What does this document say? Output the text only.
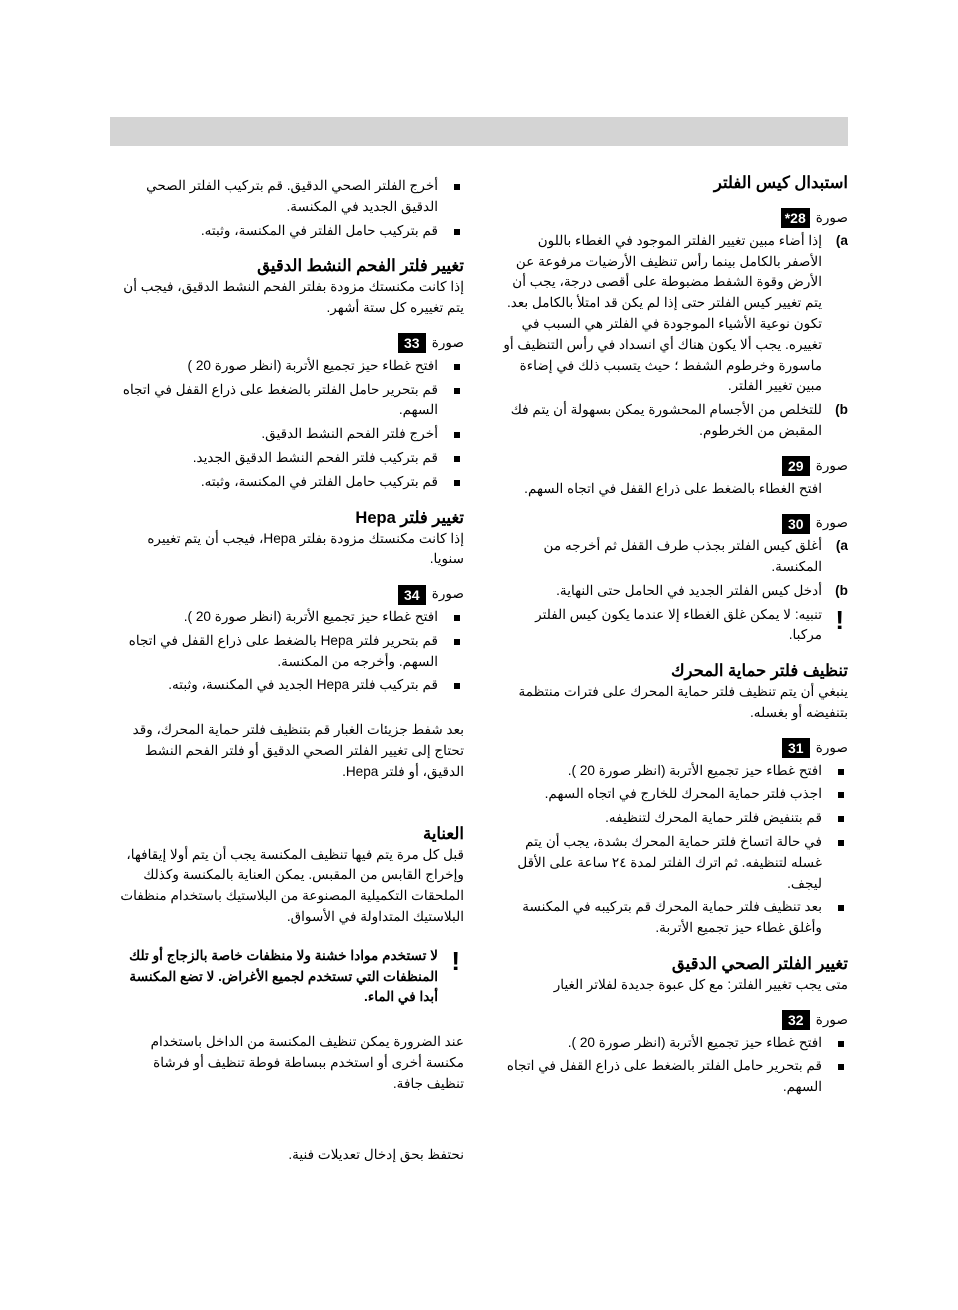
استبدال كيس الفلتر
صورة
28*
(a
إذا أضاء مبين تغيير الفلتر الموجود في الغطاء باللون الأصفر بالكامل بينما رأس تنظيف الأرضيات مرفوعة عن الأرض وقوة الشفط مضبوطة على أقصى درجة، يجب أن يتم تغيير كيس الفلتر حتى إذا لم يكن قد امتلأ بالكامل بعد. تكون نوعية الأشياء الموجودة في الفلتر هي السبب في تغييره. يجب ألا يكون هناك أي انسداد في رأس التنظيف أو ماسورة وخرطوم الشفط ؛ حيث يتسبب ذلك في إضاءة مبين تغيير الفلتر.
(b
للتخلص من الأجسام المحشورة يمكن بسهولة أن يتم فك المقبض من الخرطوم.
صورة
29

افتح الغطاء بالضغط على ذراع القفل في اتجاه السهم.

صورة
30
(a
أغلق كيس الفلتر بجذب طرف القفل ثم أخرجه من المكنسة.
(b
أدخل كيس الفلتر الجديد في الحامل حتى النهاية.
!
تنبيه: لا يمكن غلق الغطاء إلا عندما يكون كيس الفلتر مركبا.
تنظيف فلتر حماية المحرك

ينبغي أن يتم تنظيف فلتر حماية المحرك على فترات منتظمة بتنفيضه أو بغسله.

صورة
31
افتح غطاء حيز تجميع الأتربة (انظر صورة 20 ).
اجذب فلتر حماية المحرك للخارج في اتجاه السهم.
قم بتنفيض فلتر حماية المحرك لتنظيفه.
في حالة اتساخ فلتر حماية المحرك بشدة، يجب أن يتم غسله لتنظيفه. ثم اترك الفلتر لمدة ٢٤ ساعة على الأقل ليجف.
بعد تنظيف فلتر حماية المحرك قم بتركيبه في المكنسة وأغلق غطاء حيز تجميع الأتربة.
تغيير الفلتر الصحي الدقيق

متى يجب تغيير الفلتر: مع كل عبوة جديدة لفلاتر الغيار

صورة
32
افتح غطاء حيز تجميع الأتربة (انظر صورة 20 ).
قم بتحرير حامل الفلتر بالضغط على ذراع القفل في اتجاه السهم.
أخرج الفلتر الصحي الدقيق. قم بتركيب الفلتر الصحي الدقيق الجديد في المكنسة.
قم بتركيب حامل الفلتر في المكنسة، وثبته.
تغيير فلتر الفحم النشط الدقيق

إذا كانت مكنستك مزودة بفلتر الفحم النشط الدقيق، فيجب أن يتم تغييره كل ستة أشهر.

صورة
33
افتح غطاء حيز تجميع الأتربة (انظر صورة 20 )
قم بتحرير حامل الفلتر بالضغط على ذراع القفل في اتجاه السهم.
أخرج فلتر الفحم النشط الدقيق.
قم بتركيب فلتر الفحم النشط الدقيق الجديد.
قم بتركيب حامل الفلتر في المكنسة، وثبته.
تغيير فلتر Hepa

إذا كانت مكنستك مزودة بفلتر Hepa، فيجب أن يتم تغييره سنويا.

صورة
34
افتح غطاء حيز تجميع الأتربة (انظر صورة 20 ).
قم بتحرير فلتر Hepa بالضغط على ذراع القفل في اتجاه السهم. وأخرجه من المكنسة.
قم بتركيب فلتر Hepa الجديد في المكنسة، وثبته.

بعد شفط جزيئات الغبار قم بتنظيف فلتر حماية المحرك، وقد تحتاج إلى تغيير الفلتر الصحي الدقيق أو فلتر الفحم النشط الدقيق، أو فلتر Hepa.

العناية

قبل كل مرة يتم فيها تنظيف المكنسة يجب أن يتم أولا إيقافها، وإخراج القابس من المقبس. يمكن العناية بالمكنسة وكذلك الملحقات التكميلية المصنوعة من البلاستيك باستخدام منظفات البلاستيك المتداولة في الأسواق.

!
لا تستخدم موادا خشنة ولا منظفات خاصة بالزجاج أو تلك المنظفات التي تستخدم لجميع الأغراض. لا تضع المكنسة أبدا في الماء.

عند الضرورة يمكن تنظيف المكنسة من الداخل باستخدام مكنسة أخرى أو استخدم ببساطة فوطة تنظيف أو فرشاة تنظيف جافة.

نحتفظ بحق إدخال تعديلات فنية.
